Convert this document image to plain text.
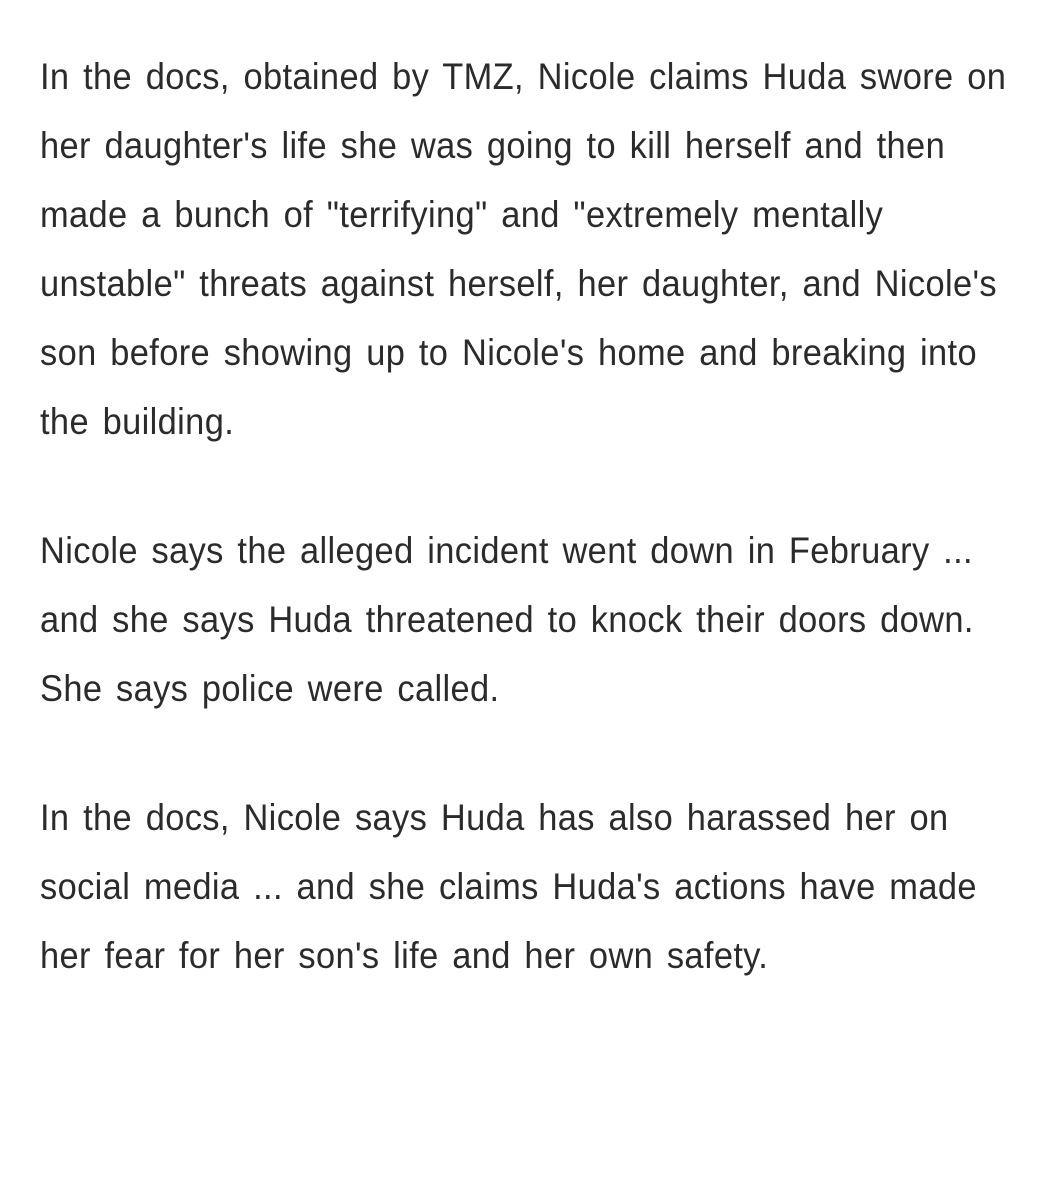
In the docs, obtained by TMZ, Nicole claims Huda swore on her daughter's life she was going to kill herself and then made a bunch of "terrifying" and "extremely mentally unstable" threats against herself, her daughter, and Nicole's son before showing up to Nicole's home and breaking into the building.

Nicole says the alleged incident went down in February ... and she says Huda threatened to knock their doors down. She says police were called.

In the docs, Nicole says Huda has also harassed her on social media ... and she claims Huda's actions have made her fear for her son's life and her own safety.
